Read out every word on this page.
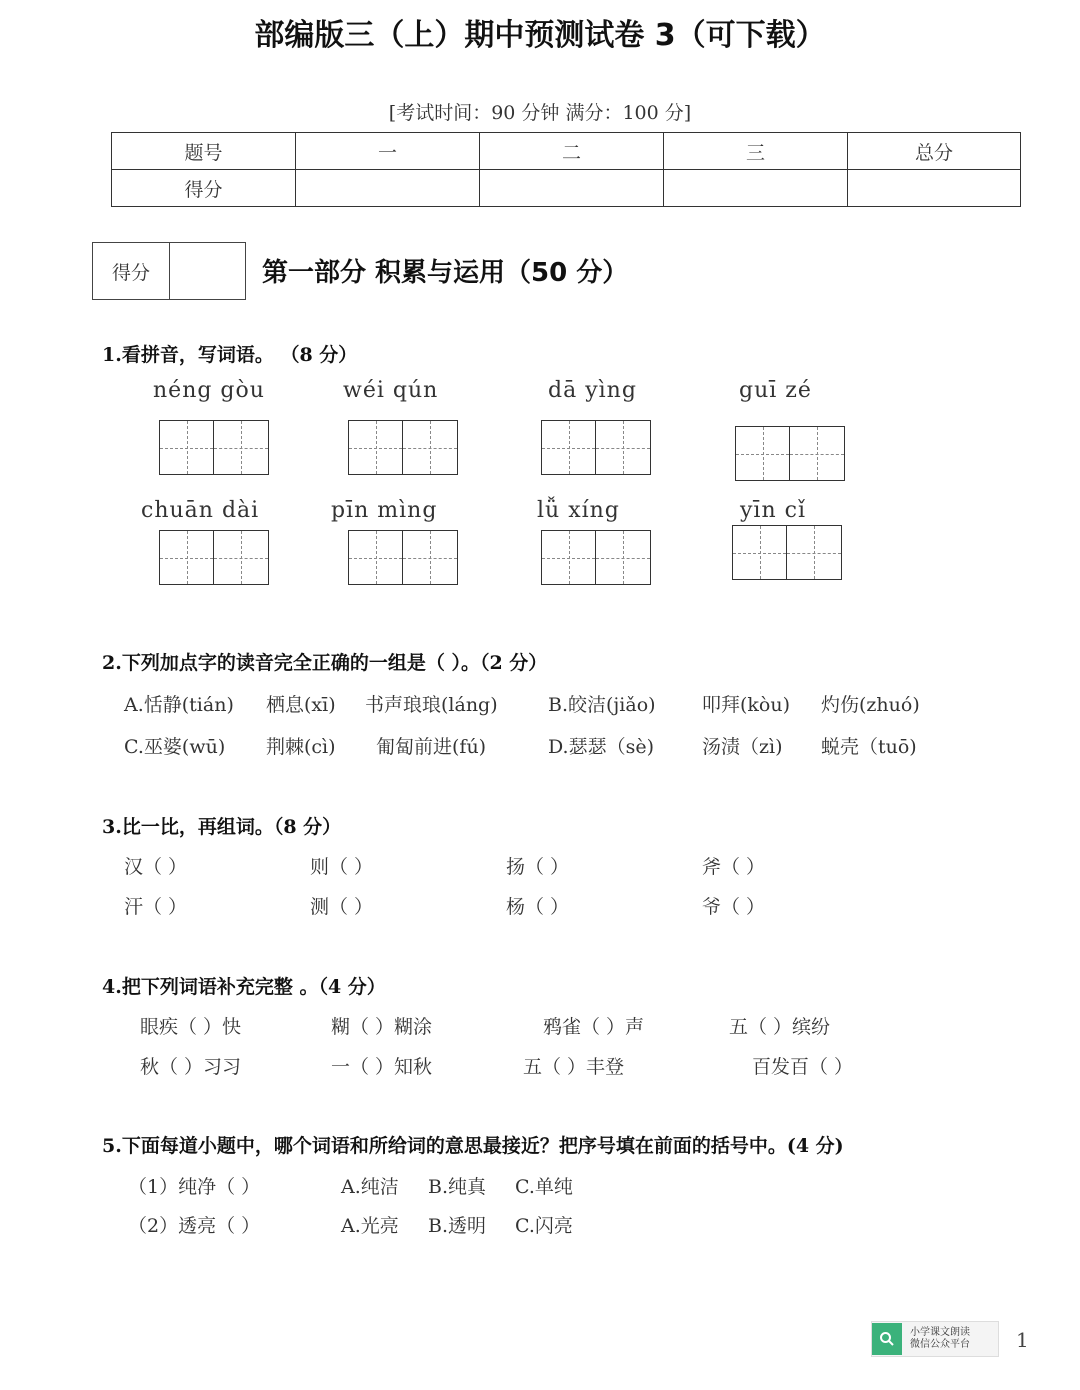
部编版三（上）期中预测试卷 3（可下载）
[考试时间：90 分钟 满分：100 分]
题号	一	二	三	总分
得分				
得分	第一部分 积累与运用（50 分）
1.看拼音，写词语。 （8 分）
néng gòu	wéi qún	dā yìng	guī zé
chuān dài	pīn mìng	lǚ xíng	yīn cǐ
2.下列加点字的读音完全正确的一组是（ ）。（2 分）
A.恬静(tián) 栖息(xī) 书声琅琅(láng)	B.皎洁(jiǎo) 叩拜(kòu) 灼伤(zhuó)
C.巫婆(wū) 荆棘(cì) 匍匐前进(fú)	D.瑟瑟（sè)	汤渍（zì) 蜕壳（tuō)
3.比一比，再组词。（8 分）
汉（ ）	则（ ）	扬（ ）	斧（ ）
汗（ ）	测（ ）	杨（ ）	爷（ ）
4.把下列词语补充完整 。（4 分）
眼疾（ ）快	糊（ ）糊涂	鸦雀（ ）声	五（ ）缤纷
秋（ ）习习	一（ ）知秋	五（ ）丰登	百发百（ ）
5.下面每道小题中，哪个词语和所给词的意思最接近？把序号填在前面的括号中。(4 分)
（1）纯净（ ）	A.纯洁 B.纯真 C.单纯
（2）透亮（ ）	A.光亮 B.透明 C.闪亮
小学课文朗读
微信公众平台 1
